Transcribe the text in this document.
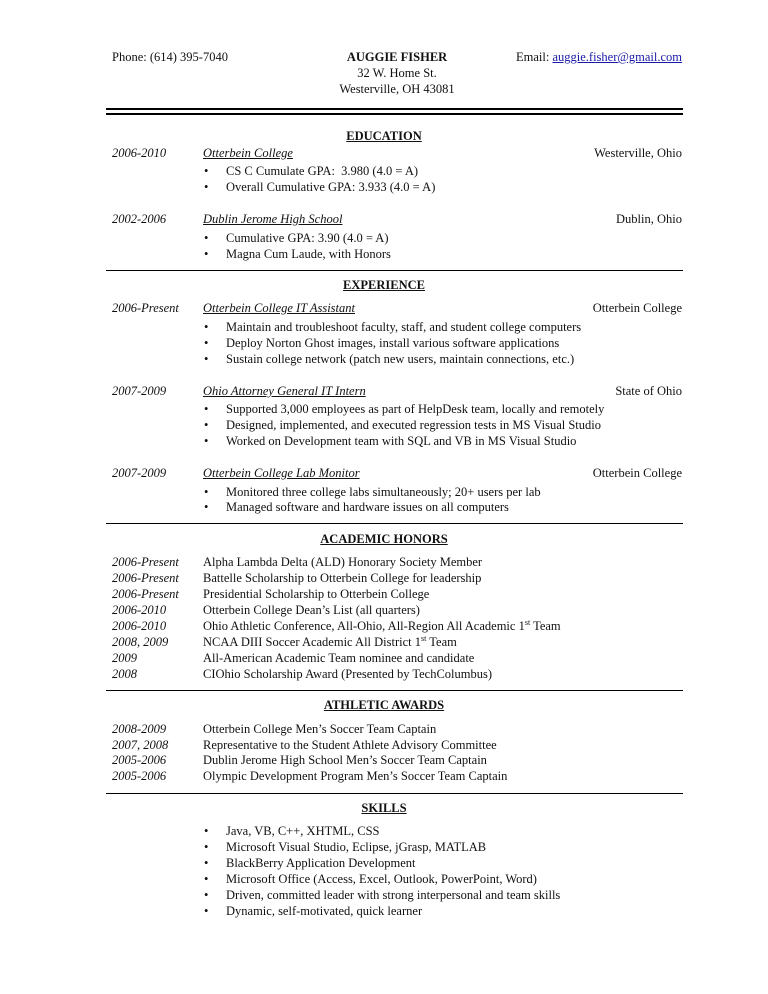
Phone: (614) 395-7040	AUGGIE FISHER
32 W. Home St.
Westerville, OH 43081
Email: auggie.fisher@gmail.com
EDUCATION
2006-2010	Otterbein College	Westerville, Ohio
• CS C Cumulate GPA:  3.980 (4.0 = A)
• Overall Cumulative GPA: 3.933 (4.0 = A)
2002-2006	Dublin Jerome High School	Dublin, Ohio
• Cumulative GPA: 3.90 (4.0 = A)
• Magna Cum Laude, with Honors
EXPERIENCE
2006-Present Otterbein College IT Assistant	Otterbein College
• Maintain and troubleshoot faculty, staff, and student college computers
• Deploy Norton Ghost images, install various software applications
• Sustain college network (patch new users, maintain connections, etc.)
2007-2009	Ohio Attorney General IT Intern	State of Ohio
• Supported 3,000 employees as part of HelpDesk team, locally and remotely
• Designed, implemented, and executed regression tests in MS Visual Studio
• Worked on Development team with SQL and VB in MS Visual Studio
2007-2009	Otterbein College Lab Monitor	Otterbein College
• Monitored three college labs simultaneously; 20+ users per lab
• Managed software and hardware issues on all computers
ACADEMIC HONORS
2006-Present Alpha Lambda Delta (ALD) Honorary Society Member
2006-Present Battelle Scholarship to Otterbein College for leadership
2006-Present Presidential Scholarship to Otterbein College
2006-2010	Otterbein College Dean’s List (all quarters)
2006-2010	Ohio Athletic Conference, All-Ohio, All-Region All Academic 1st Team
2008, 2009	NCAA DIII Soccer Academic All District 1st Team
2009	All-American Academic Team nominee and candidate
2008	CIOhio Scholarship Award (Presented by TechColumbus)
ATHLETIC AWARDS
2008-2009	Otterbein College Men’s Soccer Team Captain
2007, 2008	Representative to the Student Athlete Advisory Committee
2005-2006	Dublin Jerome High School Men’s Soccer Team Captain
2005-2006	Olympic Development Program Men’s Soccer Team Captain
SKILLS
• Java, VB, C++, XHTML, CSS
• Microsoft Visual Studio, Eclipse, jGrasp, MATLAB
• BlackBerry Application Development
• Microsoft Office (Access, Excel, Outlook, PowerPoint, Word)
• Driven, committed leader with strong interpersonal and team skills
• Dynamic, self-motivated, quick learner
